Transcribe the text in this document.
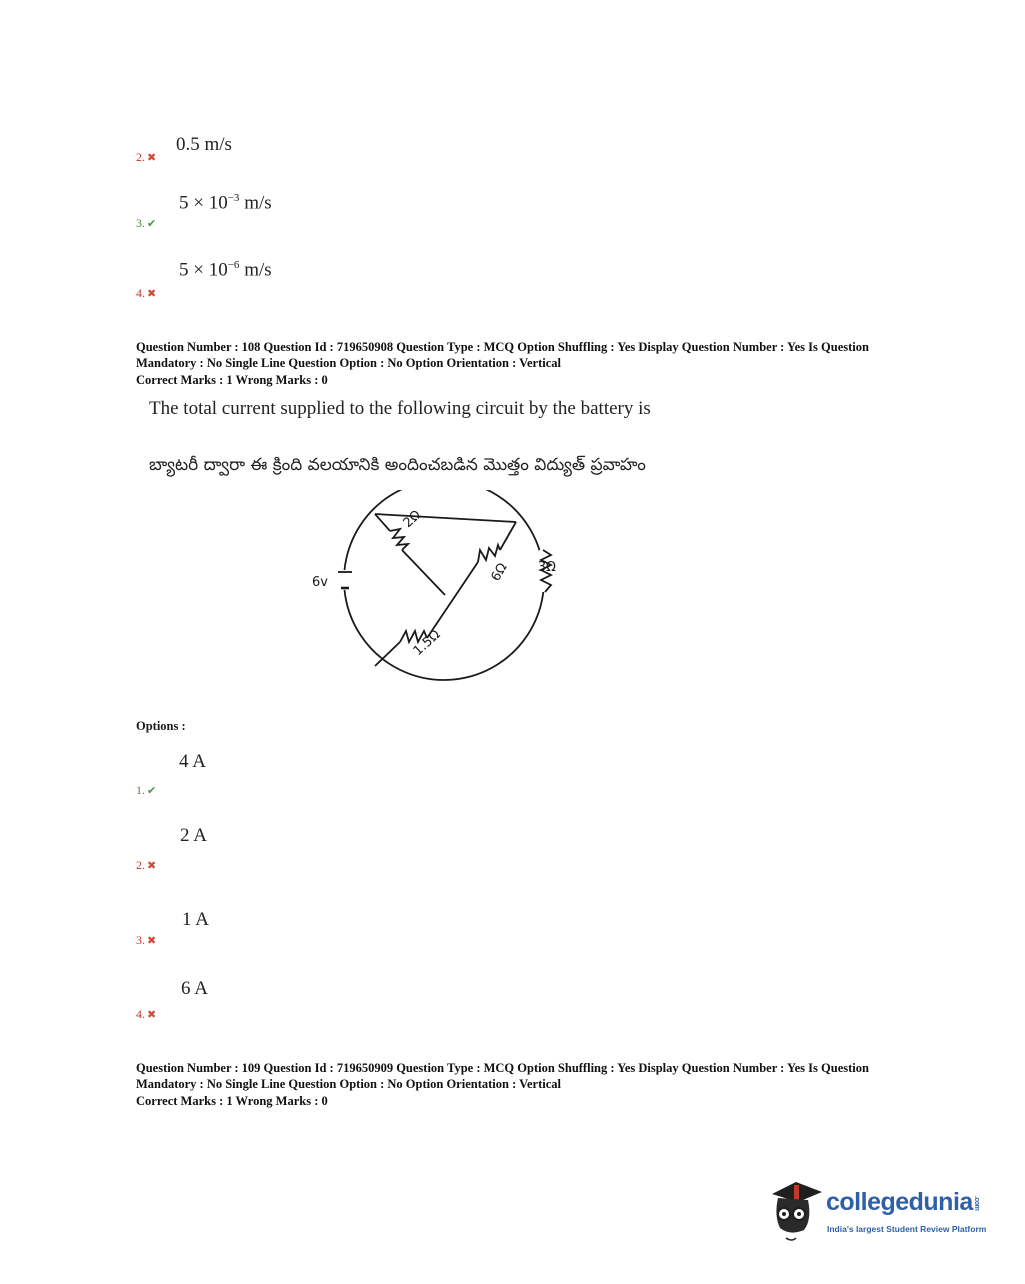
0.5 m/s
2. ✖
$5 \times 10^{-3}$ m/s
3. ✔
$5 \times 10^{-6}$ m/s
4. ✖
Question Number : 108 Question Id : 719650908 Question Type : MCQ Option Shuffling : Yes Display Question Number : Yes Is Question
Mandatory : No Single Line Question Option : No Option Orientation : Vertical
Correct Marks : 1 Wrong Marks : 0
The total current supplied to the following circuit by the battery is
బ్యాటరీ ద్వారా ఈ క్రింది వలయానికి అందించబడిన మొత్తం విద్యుత్ ప్రవాహం
6v
2Ω
6Ω 3Ω
1.5Ω
Options :
4 A
1. ✔
2 A
2. ✖
1 A
3. ✖
6 A
4. ✖
Question Number : 109 Question Id : 719650909 Question Type : MCQ Option Shuffling : Yes Display Question Number : Yes Is Question
Mandatory : No Single Line Question Option : No Option Orientation : Vertical
Correct Marks : 1 Wrong Marks : 0
collegedunia.com
India's largest Student Review Platform
